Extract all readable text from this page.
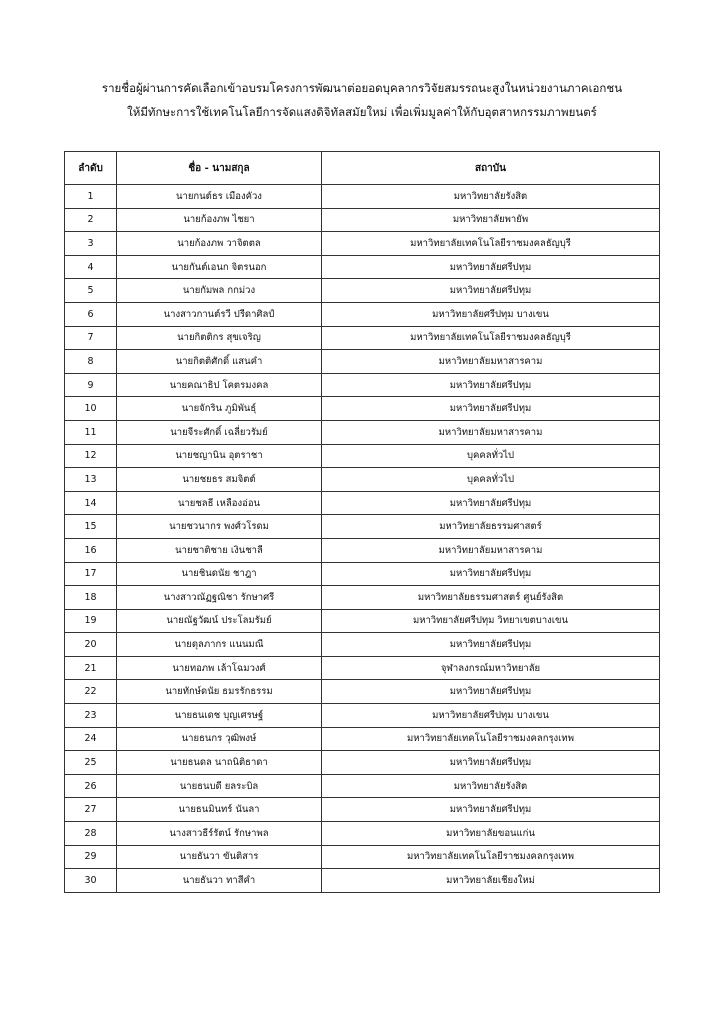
รายชื่อผู้ผ่านการคัดเลือกเข้าอบรมโครงการพัฒนาต่อยอดบุคลากรวิจัยสมรรถนะสูงในหน่วยงานภาคเอกชน
ให้มีทักษะการใช้เทคโนโลยีการจัดแสงดิจิทัลสมัยใหม่ เพื่อเพิ่มมูลค่าให้กับอุตสาหกรรมภาพยนตร์
ลำดับ	ชื่อ - นามสกุล	สถาบัน
1	นายกนต์ธร เมืองคัวง	มหาวิทยาลัยรังสิต
2	นายก้องภพ ไชยา	มหาวิทยาลัยพายัพ
3	นายก้องภพ วาจิตตล	มหาวิทยาลัยเทคโนโลยีราชมงคลธัญบุรี
4	นายกันต์เอนก จิตรนอก	มหาวิทยาลัยศรีปทุม
5	นายกัมพล กกม่วง	มหาวิทยาลัยศรีปทุม
6	นางสาวกานต์รวี ปรีดาศิลป์	มหาวิทยาลัยศรีปทุม บางเขน
7	นายกิตติกร สุขเจริญ	มหาวิทยาลัยเทคโนโลยีราชมงคลธัญบุรี
8	นายกิตติศักดิ์ แสนคำ	มหาวิทยาลัยมหาสารคาม
9	นายคณาธิป โคตรมงคล	มหาวิทยาลัยศรีปทุม
10	นายจักริน ภูมิพันธุ์	มหาวิทยาลัยศรีปทุม
11	นายจีระศักดิ์ เฉลี่ยวรัมย์	มหาวิทยาลัยมหาสารคาม
12	นายชญานิน อุตราชา	บุคคลทั่วไป
13	นายชยธร สมจิตต์	บุคคลทั่วไป
14	นายชลธี เหลืองอ่อน	มหาวิทยาลัยศรีปทุม
15	นายชวนากร พงศ์วโรดม	มหาวิทยาลัยธรรมศาสตร์
16	นายชาติชาย เงินชาลี	มหาวิทยาลัยมหาสารคาม
17	นายชินดนัย ชาฎา	มหาวิทยาลัยศรีปทุม
18	นางสาวณัฏฐณิชา รักษาศรี	มหาวิทยาลัยธรรมศาสตร์ ศูนย์รังสิต
19	นายณัฐวัฒน์ ประโลมรัมย์	มหาวิทยาลัยศรีปทุม วิทยาเขตบางเขน
20	นายดุลภากร แนนมณี	มหาวิทยาลัยศรีปทุม
21	นายทอภพ เล้าโฉมวงศ์	จุฬาลงกรณ์มหาวิทยาลัย
22	นายทักษ์ดนัย ธมรรักธรรม	มหาวิทยาลัยศรีปทุม
23	นายธนเดช บุญเศรษฐ์	มหาวิทยาลัยศรีปทุม บางเขน
24	นายธนกร วุฒิพงษ์	มหาวิทยาลัยเทคโนโลยีราชมงคลกรุงเทพ
25	นายธนดล นาถนิติธาดา	มหาวิทยาลัยศรีปทุม
26	นายธนบดี ยลระบิล	มหาวิทยาลัยรังสิต
27	นายธนมินทร์ นันลา	มหาวิทยาลัยศรีปทุม
28	นางสาวธีร์รัตน์ รักษาพล	มหาวิทยาลัยขอนแก่น
29	นายธันวา ขันติสาร	มหาวิทยาลัยเทคโนโลยีราชมงคลกรุงเทพ
30	นายธันวา ทาสีคำ	มหาวิทยาลัยเชียงใหม่
